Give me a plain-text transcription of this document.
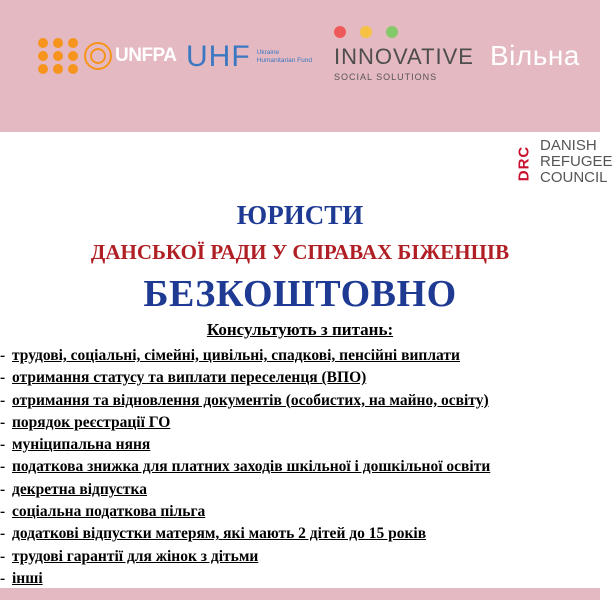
UNFPA UHF Ukraine Humanitarian Fund INNOVATIVE
SOCIAL SOLUTIONS
Вільна
DRC
DANISH
REFUGEE
COUNCIL
ЮРИСТИ
ДАНСЬКОЇ РАДИ У СПРАВАХ БІЖЕНЦІВ
БЕЗКОШТОВНО
Консультують з питань:
- трудові, соціальні, сімейні, цивільні, спадкові, пенсійні виплати
- отримання статусу та виплати переселенця (ВПО)
- отримання та відновлення документів (особистих, на майно, освіту)
- порядок реєстрації ГО
- муніципальна няня
- податкова знижка для платних заходів шкільної і дошкільної освіти
- декретна відпустка
- соціальна податкова пільга
- додаткові відпустки матерям, які мають 2 дітей до 15 років
- трудові гарантії для жінок з дітьми
- інші
